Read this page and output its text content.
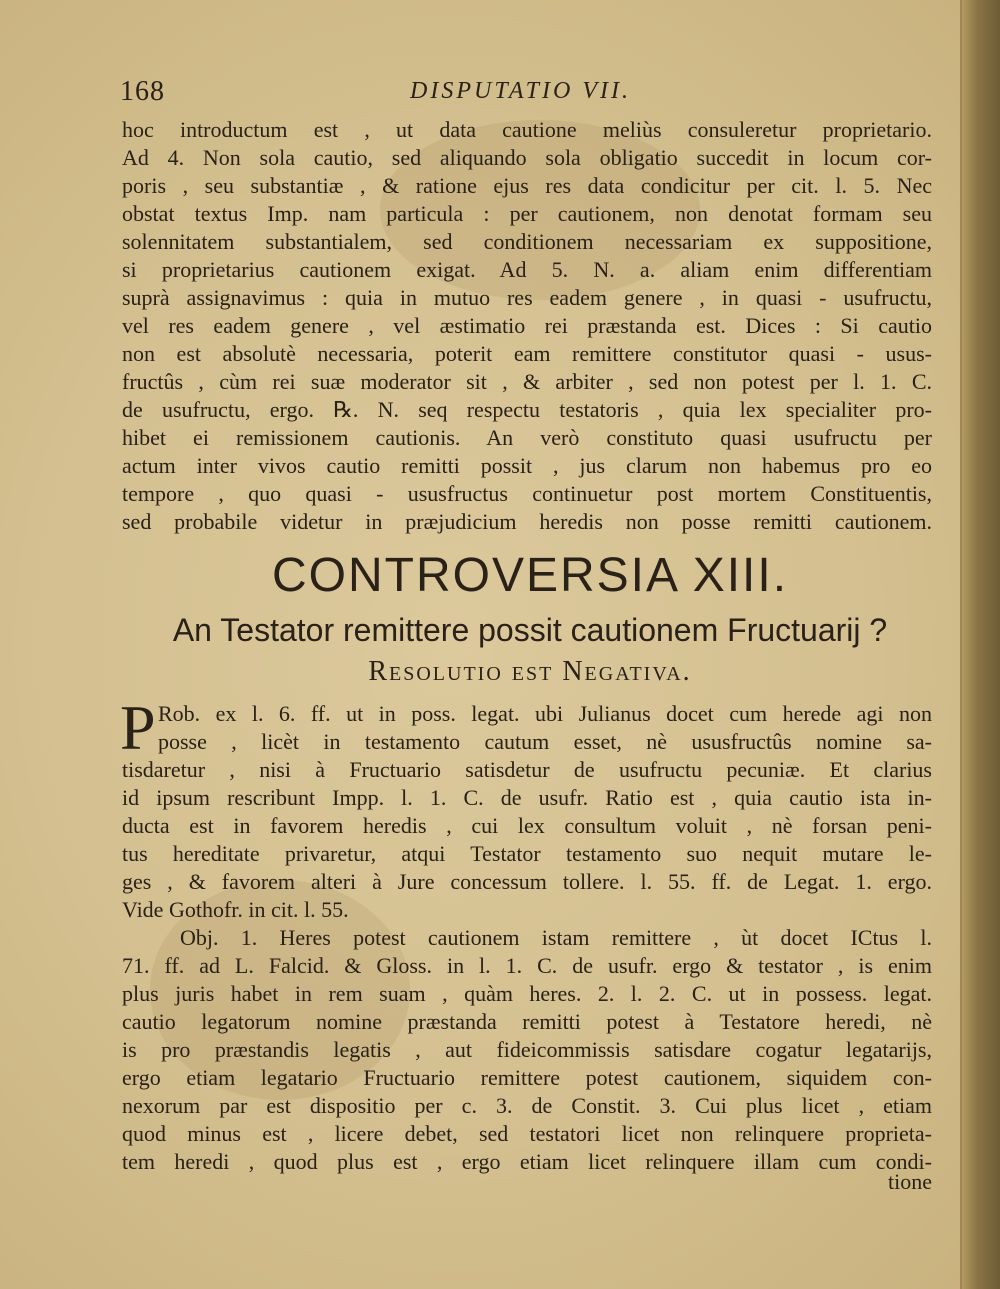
168	DISPUTATIO VII.
hoc introductum est , ut data cautione meliùs consuleretur proprietario.
Ad 4. Non sola cautio, sed aliquando sola obligatio succedit in locum cor-
poris , seu substantiæ , & ratione ejus res data condicitur per cit. l. 5. Nec
obstat textus Imp. nam particula : per cautionem, non denotat formam seu
solennitatem substantialem, sed conditionem necessariam ex suppositione,
si proprietarius cautionem exigat. Ad 5. N. a. aliam enim differentiam
suprà assignavimus : quia in mutuo res eadem genere , in quasi - usufructu,
vel res eadem genere , vel æstimatio rei præstanda est. Dices : Si cautio
non est absolutè necessaria, poterit eam remittere constitutor quasi - usus-
fructûs , cùm rei suæ moderator sit , & arbiter , sed non potest per l. 1. C.
de usufructu, ergo. ℞. N. seq respectu testatoris , quia lex specialiter pro-
hibet ei remissionem cautionis. An verò constituto quasi usufructu per
actum inter vivos cautio remitti possit , jus clarum non habemus pro eo
tempore , quo quasi - ususfructus continuetur post mortem Constituentis,
sed probabile videtur in præjudicium heredis non posse remitti cautionem.
CONTROVERSIA XIII.
An Testator remittere possit cautionem Fructuarij ?
Resolutio est Negativa.
P Rob. ex l. 6. ff. ut in poss. legat. ubi Julianus docet cum herede agi non
posse , licèt in testamento cautum esset, nè ususfructûs nomine sa-
tisdaretur , nisi à Fructuario satisdetur de usufructu pecuniæ. Et clarius
id ipsum rescribunt Impp. l. 1. C. de usufr. Ratio est , quia cautio ista in-
ducta est in favorem heredis , cui lex consultum voluit , nè forsan peni-
tus hereditate privaretur, atqui Testator testamento suo nequit mutare le-
ges , & favorem alteri à Jure concessum tollere. l. 55. ff. de Legat. 1. ergo.
Vide Gothofr. in cit. l. 55.
Obj. 1. Heres potest cautionem istam remittere , ùt docet ICtus l.
71. ff. ad L. Falcid. & Gloss. in l. 1. C. de usufr. ergo & testator , is enim
plus juris habet in rem suam , quàm heres. 2. l. 2. C. ut in possess. legat.
cautio legatorum nomine præstanda remitti potest à Testatore heredi, nè
is pro præstandis legatis , aut fideicommissis satisdare cogatur legatarijs,
ergo etiam legatario Fructuario remittere potest cautionem, siquidem con-
nexorum par est dispositio per c. 3. de Constit. 3. Cui plus licet , etiam
quod minus est , licere debet, sed testatori licet non relinquere proprieta-
tem heredi , quod plus est , ergo etiam licet relinquere illam cum condi-
tione
